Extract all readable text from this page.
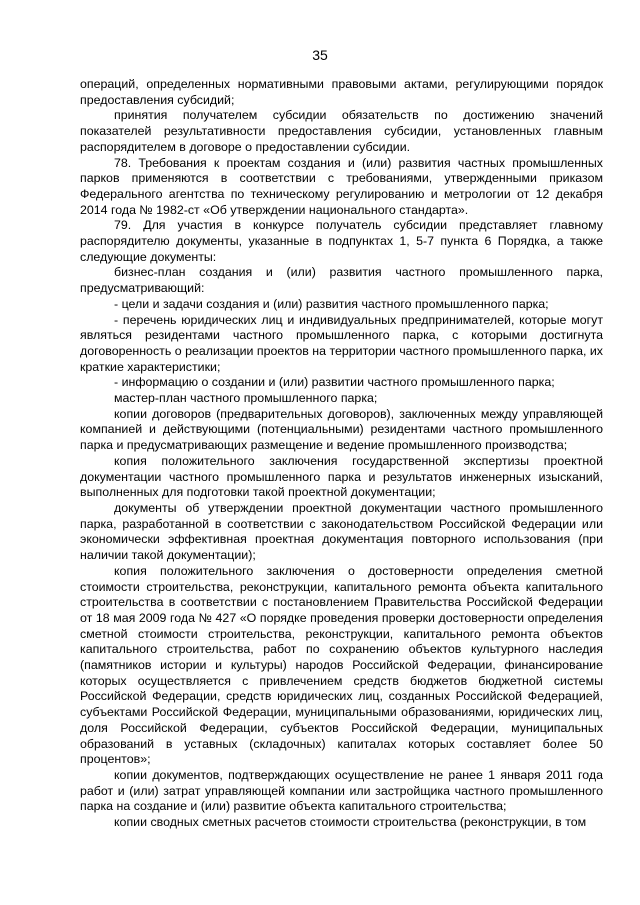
35

операций, определенных нормативными правовыми актами, регулирующими порядок предоставления субсидий;

принятия получателем субсидии обязательств по достижению значений показателей результативности предоставления субсидии, установленных главным распорядителем в договоре о предоставлении субсидии.

78. Требования к проектам создания и (или) развития частных промышленных парков применяются в соответствии с требованиями, утвержденными приказом Федерального агентства по техническому регулированию и метрологии от 12 декабря 2014 года № 1982-ст «Об утверждении национального стандарта».

79. Для участия в конкурсе получатель субсидии представляет главному распорядителю документы, указанные в подпунктах 1, 5-7 пункта 6 Порядка, а также следующие документы:

бизнес-план создания и (или) развития частного промышленного парка, предусматривающий:

- цели и задачи создания и (или) развития частного промышленного парка;

- перечень юридических лиц и индивидуальных предпринимателей, которые могут являться резидентами частного промышленного парка, с которыми достигнута договоренность о реализации проектов на территории частного промышленного парка, их краткие характеристики;

- информацию о создании и (или) развитии частного промышленного парка;

мастер-план частного промышленного парка;

копии договоров (предварительных договоров), заключенных между управляющей компанией и действующими (потенциальными) резидентами частного промышленного парка и предусматривающих размещение и ведение промышленного производства;

копия положительного заключения государственной экспертизы проектной документации частного промышленного парка и результатов инженерных изысканий, выполненных для подготовки такой проектной документации;

документы об утверждении проектной документации частного промышленного парка, разработанной в соответствии с законодательством Российской Федерации или экономически эффективная проектная документация повторного использования (при наличии такой документации);

копия положительного заключения о достоверности определения сметной стоимости строительства, реконструкции, капитального ремонта объекта капитального строительства в соответствии с постановлением Правительства Российской Федерации от 18 мая 2009 года № 427 «О порядке проведения проверки достоверности определения сметной стоимости строительства, реконструкции, капитального ремонта объектов капитального строительства, работ по сохранению объектов культурного наследия (памятников истории и культуры) народов Российской Федерации, финансирование которых осуществляется с привлечением средств бюджетов бюджетной системы Российской Федерации, средств юридических лиц, созданных Российской Федерацией, субъектами Российской Федерации, муниципальными образованиями, юридических лиц, доля Российской Федерации, субъектов Российской Федерации, муниципальных образований в уставных (складочных) капиталах которых составляет более 50 процентов»;

копии документов, подтверждающих осуществление не ранее 1 января 2011 года работ и (или) затрат управляющей компании или застройщика частного промышленного парка на создание и (или) развитие объекта капитального строительства;

копии сводных сметных расчетов стоимости строительства (реконструкции, в том
